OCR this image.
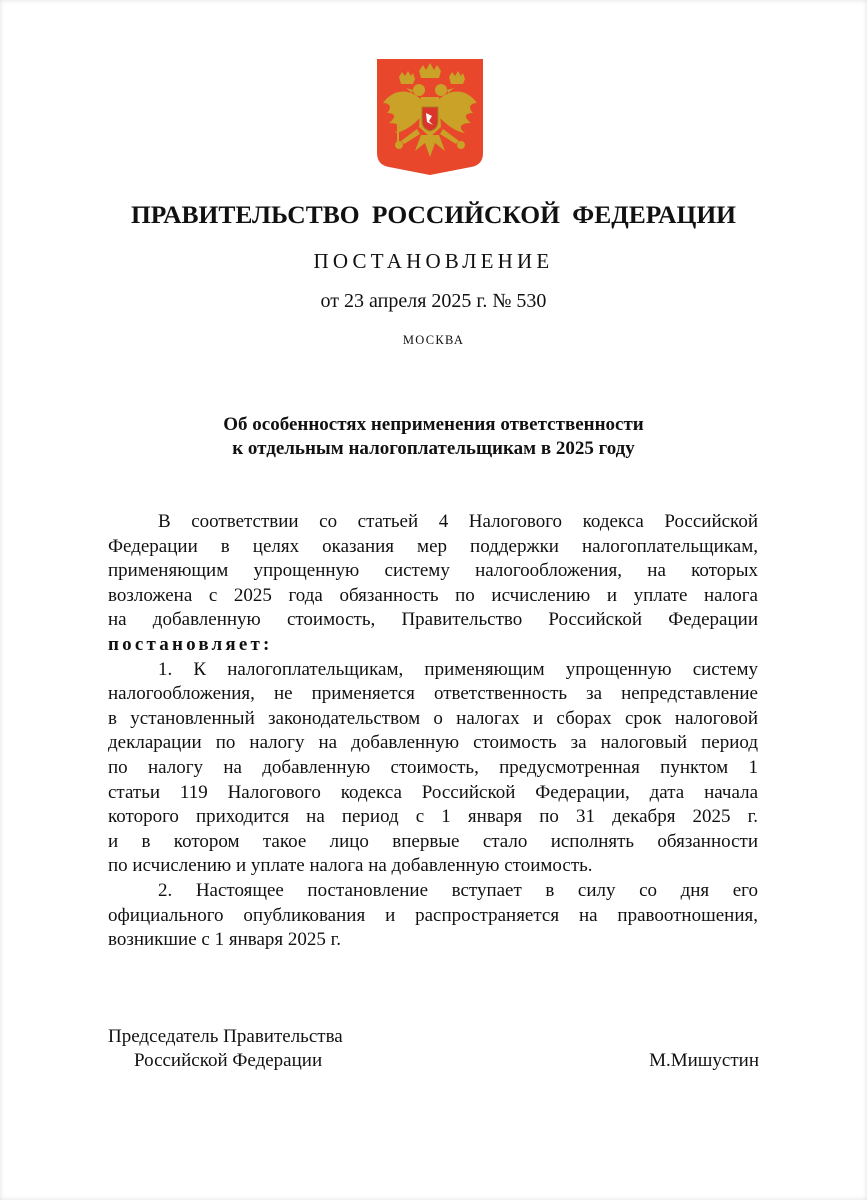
ПРАВИТЕЛЬСТВО РОССИЙСКОЙ ФЕДЕРАЦИИ
ПОСТАНОВЛЕНИЕ
от 23 апреля 2025 г. № 530
МОСКВА
Об особенностях неприменения ответственности
к отдельным налогоплательщикам в 2025 году
В соответствии со статьей 4 Налогового кодекса Российской
Федерации в целях оказания мер поддержки налогоплательщикам,
применяющим упрощенную систему налогообложения, на которых
возложена с 2025 года обязанность по исчислению и уплате налога
на добавленную стоимость, Правительство Российской Федерации
постановляет:
1. К налогоплательщикам, применяющим упрощенную систему
налогообложения, не применяется ответственность за непредставление
в установленный законодательством о налогах и сборах срок налоговой
декларации по налогу на добавленную стоимость за налоговый период
по налогу на добавленную стоимость, предусмотренная пунктом 1
статьи 119 Налогового кодекса Российской Федерации, дата начала
которого приходится на период с 1 января по 31 декабря 2025 г.
и в котором такое лицо впервые стало исполнять обязанности
по исчислению и уплате налога на добавленную стоимость.
2. Настоящее постановление вступает в силу со дня его
официального опубликования и распространяется на правоотношения,
возникшие с 1 января 2025 г.
Председатель Правительства
Российской Федерации	М.Мишустин
